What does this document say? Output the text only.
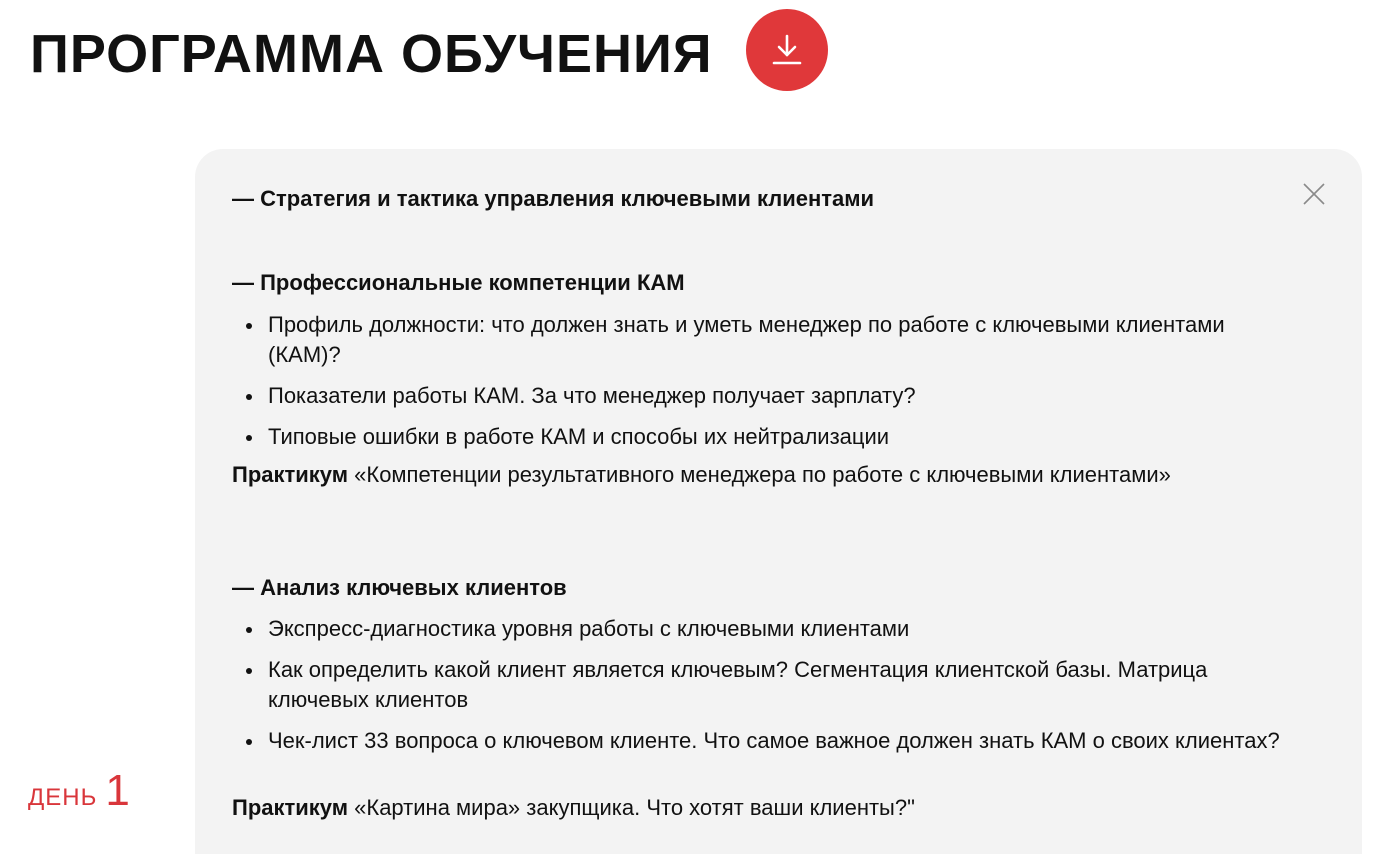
ПРОГРАММА ОБУЧЕНИЯ
ДЕНЬ 1
— Стратегия и тактика управления ключевыми клиентами
— Профессиональные компетенции КАМ
Профиль должности: что должен знать и уметь менеджер по работе с ключевыми клиентами (КАМ)?
Показатели работы КАМ. За что менеджер получает зарплату?
Типовые ошибки в работе КАМ и способы их нейтрализации

Практикум «Компетенции результативного менеджера по работе с ключевыми клиентами»

— Анализ ключевых клиентов
Экспресс-диагностика уровня работы с ключевыми клиентами
Как определить какой клиент является ключевым? Сегментация клиентской базы. Матрица ключевых клиентов
Чек-лист 33 вопроса о ключевом клиенте. Что самое важное должен знать КАМ о своих клиентах?

Практикум «Картина мира» закупщика. Что хотят ваши клиенты?"
